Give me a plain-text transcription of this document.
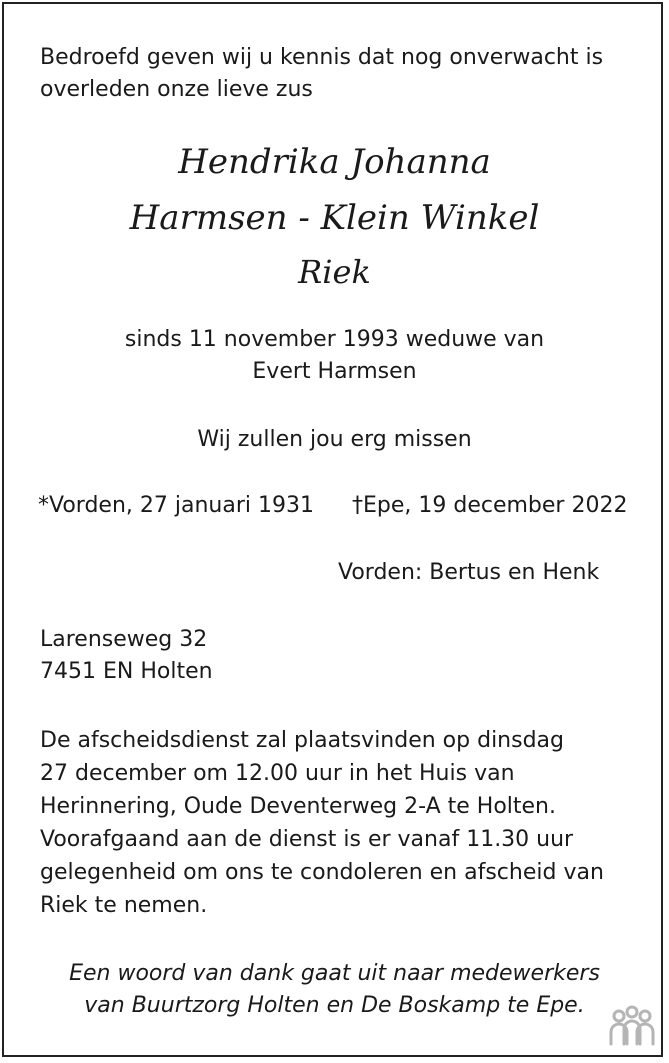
Bedroefd geven wij u kennis dat nog onverwacht is

overleden onze lieve zus

Hendrika Johanna

Harmsen - Klein Winkel

Riek

sinds 11 november 1993 weduwe van

Evert Harmsen

Wij zullen jou erg missen

*Vorden, 27 januari 1931 †Epe, 19 december 2022

Vorden: Bertus en Henk

Larenseweg 32

7451 EN Holten

De afscheidsdienst zal plaatsvinden op dinsdag

27 december om 12.00 uur in het Huis van

Herinnering, Oude Deventerweg 2-A te Holten.

Voorafgaand aan de dienst is er vanaf 11.30 uur

gelegenheid om ons te condoleren en afscheid van

Riek te nemen.

Een woord van dank gaat uit naar medewerkers

van Buurtzorg Holten en De Boskamp te Epe.
